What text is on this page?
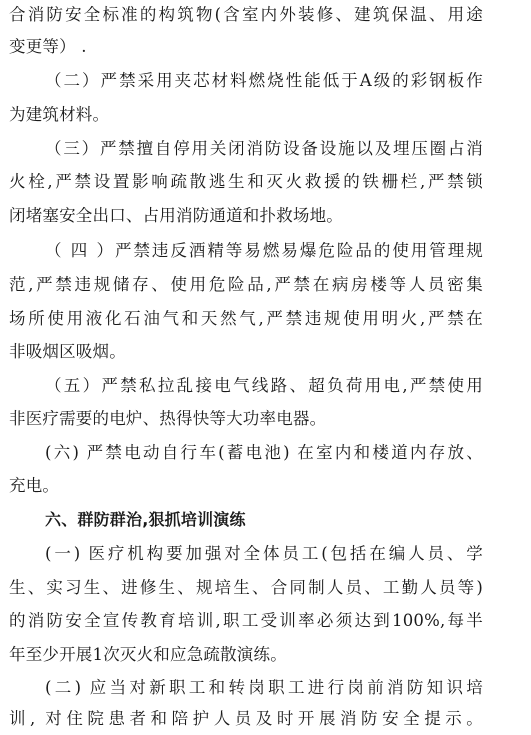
合消防安全标准的构筑物(含室内外装修、建筑保温、用途
变更等） .
（二）严禁采用夹芯材料燃烧性能低于A级的彩钢板作
为建筑材料。
（三）严禁擅自停用关闭消防设备设施以及埋压圈占消
火栓,严禁设置影响疏散逃生和灭火救援的铁栅栏,严禁锁
闭堵塞安全出口、占用消防通道和扑救场地。
（ 四 ）严禁违反酒精等易燃易爆危险品的使用管理规
范,严禁违规储存、使用危险品,严禁在病房楼等人员密集
场所使用液化石油气和天然气,严禁违规使用明火,严禁在
非吸烟区吸烟。
（五）严禁私拉乱接电气线路、超负荷用电,严禁使用
非医疗需要的电炉、热得快等大功率电器。
(六) 严禁电动自行车(蓄电池) 在室内和楼道内存放、
充电。
六、群防群治,狠抓培训演练
(一) 医疗机构要加强对全体员工(包括在编人员、学
生、实习生、进修生、规培生、合同制人员、工勤人员等)
的消防安全宣传教育培训,职工受训率必须达到100%,每半
年至少开展1次灭火和应急疏散演练。
(二) 应当对新职工和转岗职工进行岗前消防知识培
训, 对住院患者和陪护人员及时开展消防安全提示。
